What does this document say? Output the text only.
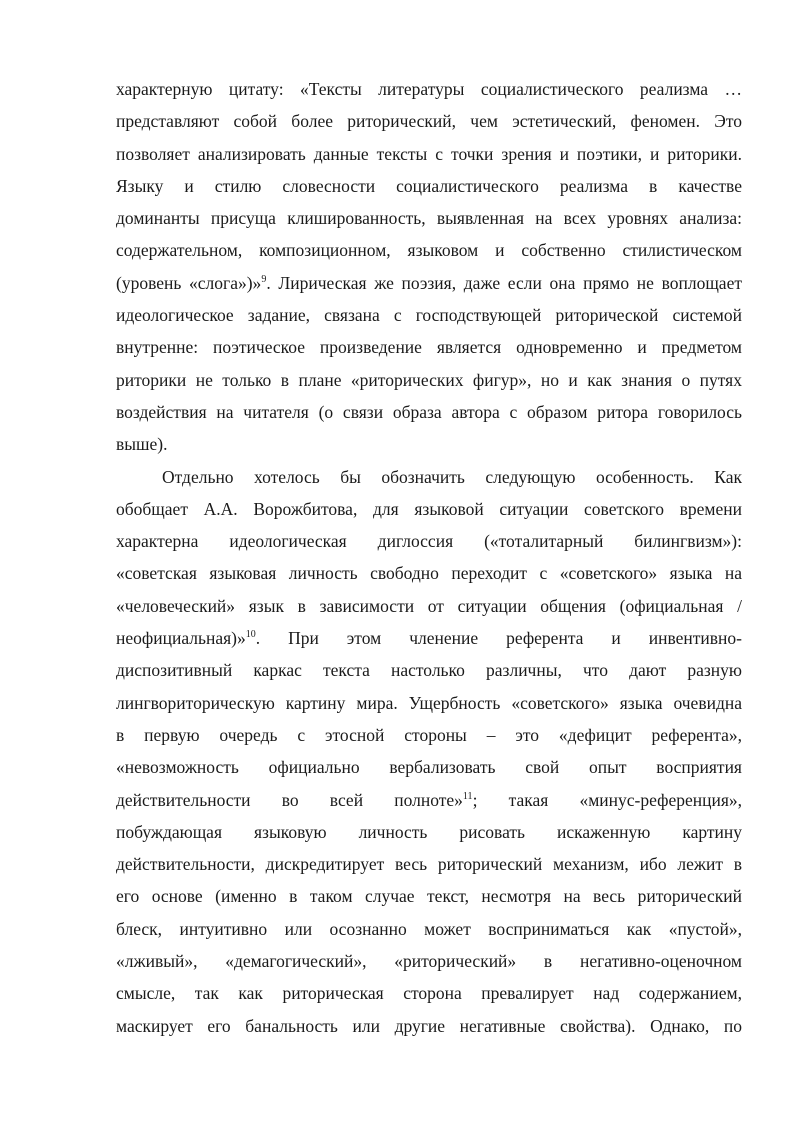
характерную цитату: «Тексты литературы социалистического реализма …
представляют собой более риторический, чем эстетический, феномен. Это
позволяет анализировать данные тексты с точки зрения и поэтики, и риторики.
Языку и стилю словесности социалистического реализма в качестве
доминанты присуща клишированность, выявленная на всех уровнях анализа:
содержательном, композиционном, языковом и собственно стилистическом
(уровень «слога»)»$^9$. Лирическая же поэзия, даже если она прямо не воплощает
идеологическое задание, связана с господствующей риторической системой
внутренне: поэтическое произведение является одновременно и предметом
риторики не только в плане «риторических фигур», но и как знания о путях
воздействия на читателя (о связи образа автора с образом ритора говорилось
выше).

Отдельно хотелось бы обозначить следующую особенность. Как
обобщает А.А. Ворожбитова, для языковой ситуации советского времени
характерна идеологическая диглоссия («тоталитарный билингвизм»):
«советская языковая личность свободно переходит с «советского» языка на
«человеческий» язык в зависимости от ситуации общения (официальная /
неофициальная)»$^{10}$. При этом членение референта и инвентивно-
диспозитивный каркас текста настолько различны, что дают разную
лингвориторическую картину мира. Ущербность «советского» языка очевидна
в первую очередь с этосной стороны – это «дефицит референта»,
«невозможность официально вербализовать свой опыт восприятия
действительности во всей полноте»$^{11}$; такая «минус-референция»,
побуждающая языковую личность рисовать искаженную картину
действительности, дискредитирует весь риторический механизм, ибо лежит в
его основе (именно в таком случае текст, несмотря на весь риторический
блеск, интуитивно или осознанно может восприниматься как «пустой»,
«лживый», «демагогический», «риторический» в негативно-оценочном
смысле, так как риторическая сторона превалирует над содержанием,
маскирует его банальность или другие негативные свойства). Однако, по
